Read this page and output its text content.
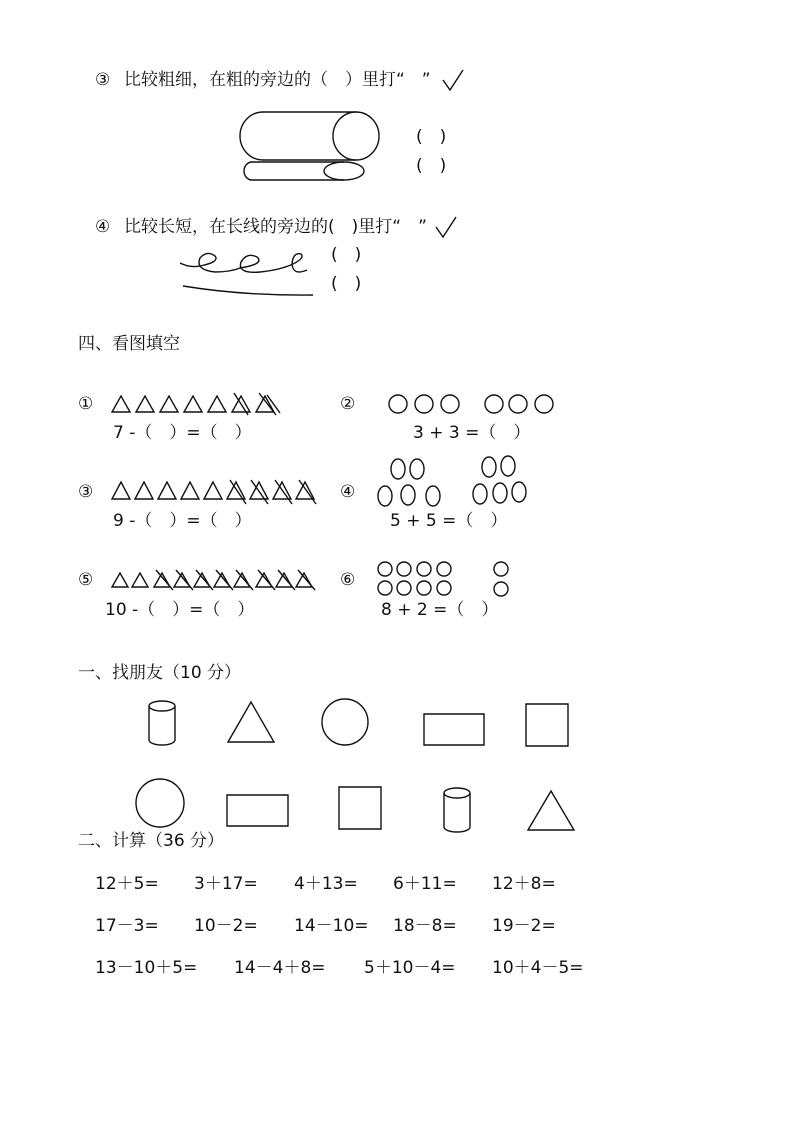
③ 比较粗细，在粗的旁边的（　）里打“　”
(　)
(　)
④ 比较长短，在长线的旁边的(　)里打“　”
(　)
(　)
四、看图填空
①
7 -（　）=（　）
②
3 + 3 =（　）
③
9 -（　）=（　）
④
5 + 5 =（　）
⑤
10 -（　）=（　）
⑥
8 + 2 =（　）
一、找朋友（10 分）
二、计算（36 分）
12＋5= 3＋17= 4＋13= 6＋11= 12＋8=
17－3= 10－2= 14－10= 18－8= 19－2=
13－10＋5= 14－4＋8= 5＋10－4= 10＋4－5=
